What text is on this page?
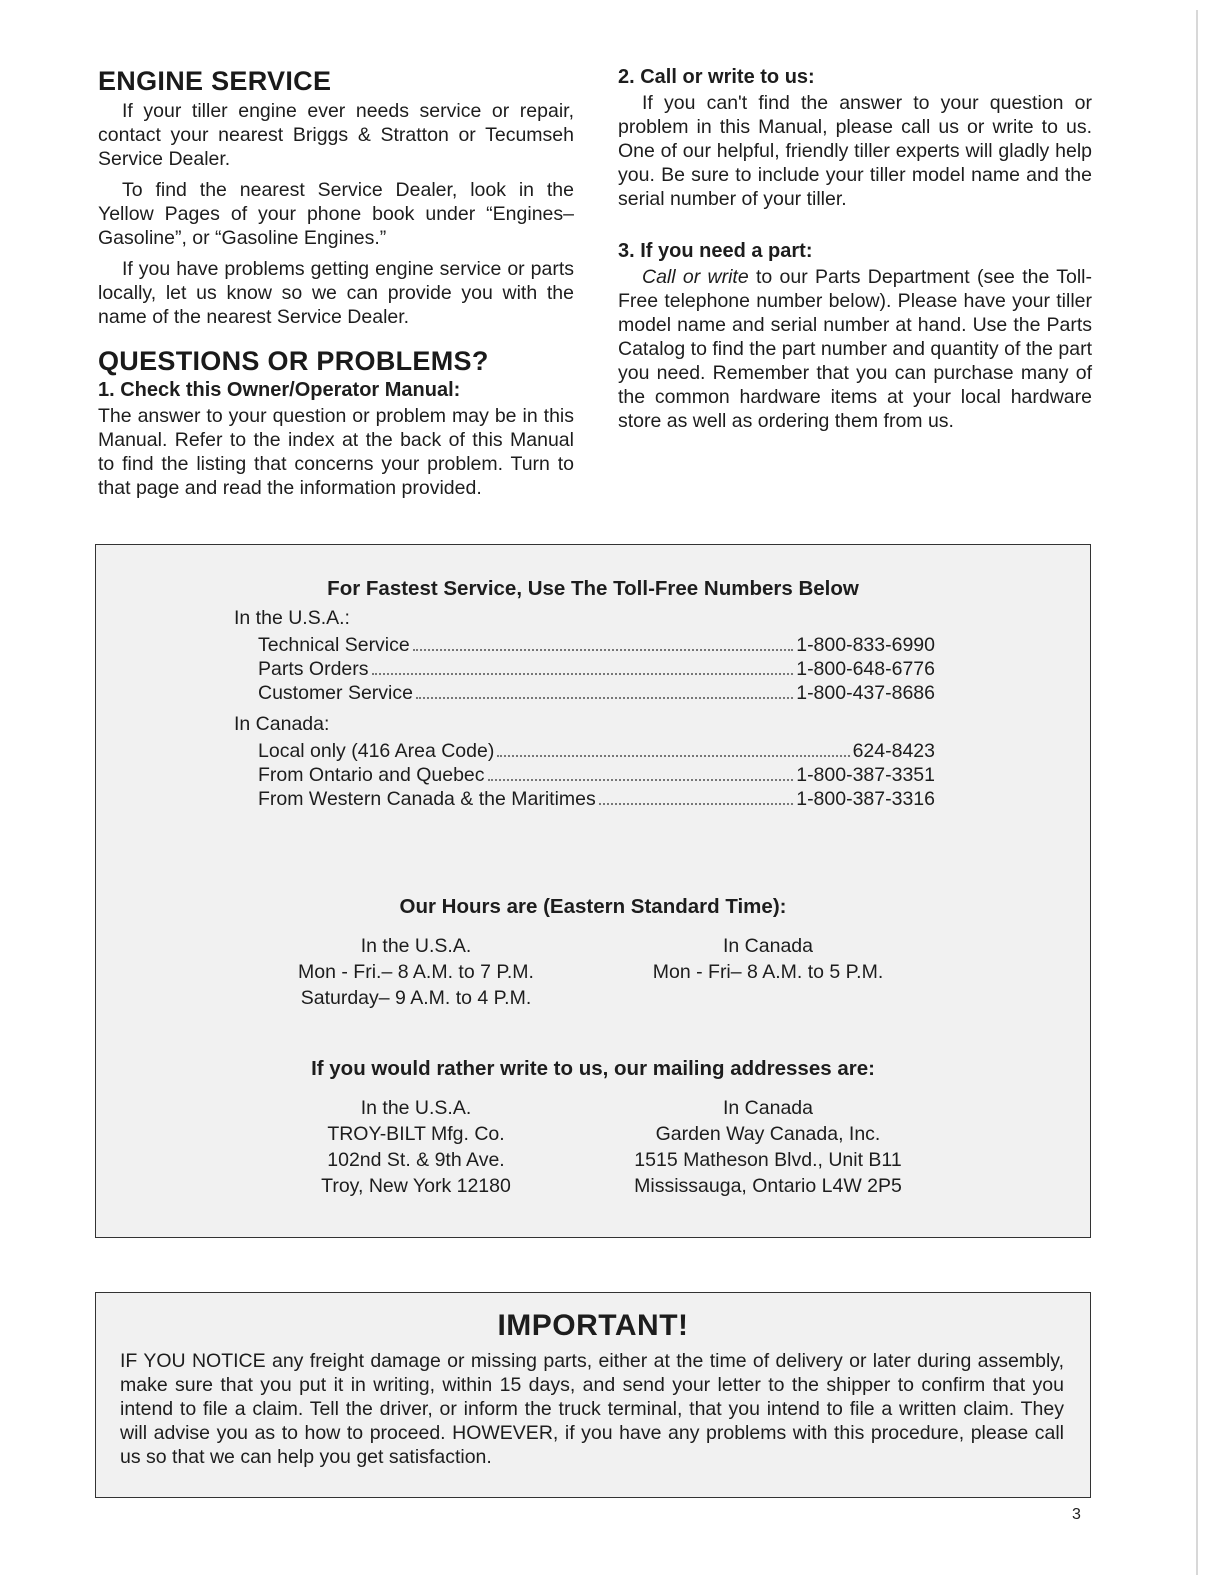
ENGINE SERVICE

If your tiller engine ever needs service or repair, contact your nearest Briggs & Stratton or Tecumseh Service Dealer.

To find the nearest Service Dealer, look in the Yellow Pages of your phone book under “Engines–Gasoline”, or “Gasoline Engines.”

If you have problems getting engine service or parts locally, let us know so we can provide you with the name of the nearest Service Dealer.

QUESTIONS OR PROBLEMS?
1. Check this Owner/Operator Manual:

The answer to your question or problem may be in this Manual. Refer to the index at the back of this Manual to find the listing that concerns your problem. Turn to that page and read the information provided.

2. Call or write to us:

If you can't find the answer to your question or problem in this Manual, please call us or write to us. One of our helpful, friendly tiller experts will gladly help you. Be sure to include your tiller model name and the serial number of your tiller.

3. If you need a part:

Call or write to our Parts Department (see the Toll-Free telephone number below). Please have your tiller model name and serial number at hand. Use the Parts Catalog to find the part number and quantity of the part you need. Remember that you can purchase many of the common hardware items at your local hardware store as well as ordering them from us.

For Fastest Service, Use The Toll-Free Numbers Below
In the U.S.A.:
Technical Service	1-800-833-6990
Parts Orders	1-800-648-6776
Customer Service	1-800-437-8686
In Canada:
Local only (416 Area Code)	624-8423
From Ontario and Quebec	1-800-387-3351
From Western Canada & the Maritimes	1-800-387-3316
Our Hours are (Eastern Standard Time):
In the U.S.A.
Mon - Fri.– 8 A.M. to 7 P.M.
Saturday– 9 A.M. to 4 P.M.
In Canada
Mon - Fri– 8 A.M. to 5 P.M.
If you would rather write to us, our mailing addresses are:
In the U.S.A.
TROY-BILT Mfg. Co.
102nd St. & 9th Ave.
Troy, New York 12180
In Canada
Garden Way Canada, Inc.
1515 Matheson Blvd., Unit B11
Mississauga, Ontario L4W 2P5
IMPORTANT!
IF YOU NOTICE any freight damage or missing parts, either at the time of delivery or later during assembly, make sure that you put it in writing, within 15 days, and send your letter to the shipper to confirm that you intend to file a claim. Tell the driver, or inform the truck terminal, that you intend to file a written claim. They will advise you as to how to proceed. HOWEVER, if you have any problems with this procedure, please call us so that we can help you get satisfaction.
3
